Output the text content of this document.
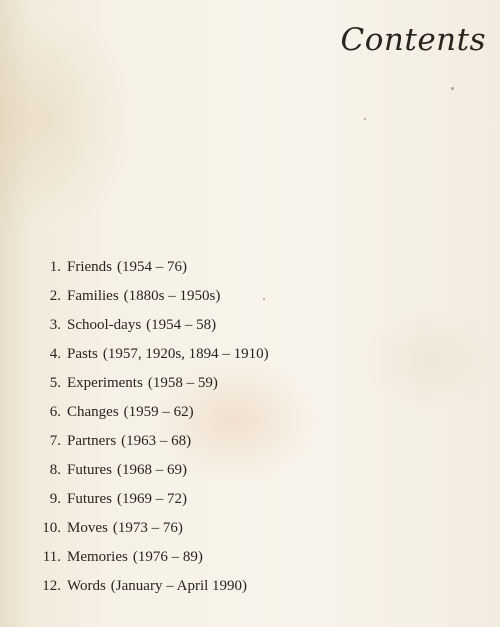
Contents
1. Friends (1954 – 76)
2. Families (1880s – 1950s)
3. School-days (1954 – 58)
4. Pasts (1957, 1920s, 1894 – 1910)
5. Experiments (1958 – 59)
6. Changes (1959 – 62)
7. Partners (1963 – 68)
8. Futures (1968 – 69)
9. Futures (1969 – 72)
10. Moves (1973 – 76)
11. Memories (1976 – 89)
12. Words (January – April 1990)
